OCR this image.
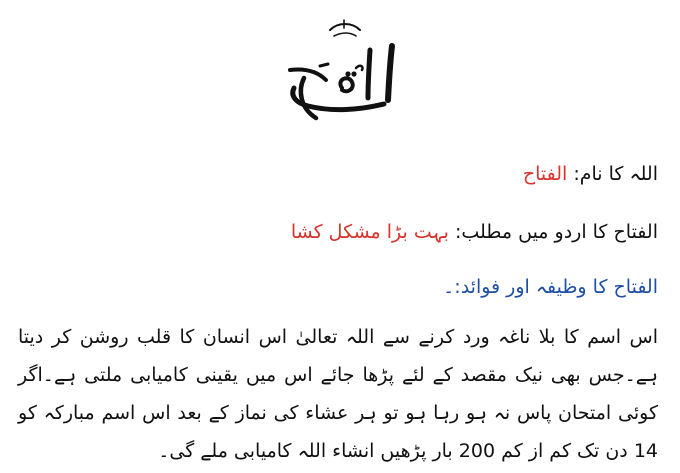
اللہ کا نام: الفتاح
الفتاح کا اردو میں مطلب: بہت بڑا مشکل کشا
الفتاح کا وظیفہ اور فوائد:۔
اس اسم کا بلا ناغہ ورد کرنے سے اللہ تعالیٰ اس انسان کا قلب روشن کر دیتا ہے۔جس بھی نیک مقصد کے لئے پڑھا جائے اس میں یقینی کامیابی ملتی ہے۔اگر کوئی امتحان پاس نہ ہو رہا ہو تو ہر عشاء کی نماز کے بعد اس اسم مبارکہ کو 14 دن تک کم از کم 200 بار پڑھیں انشاء اللہ کامیابی ملے گی۔
